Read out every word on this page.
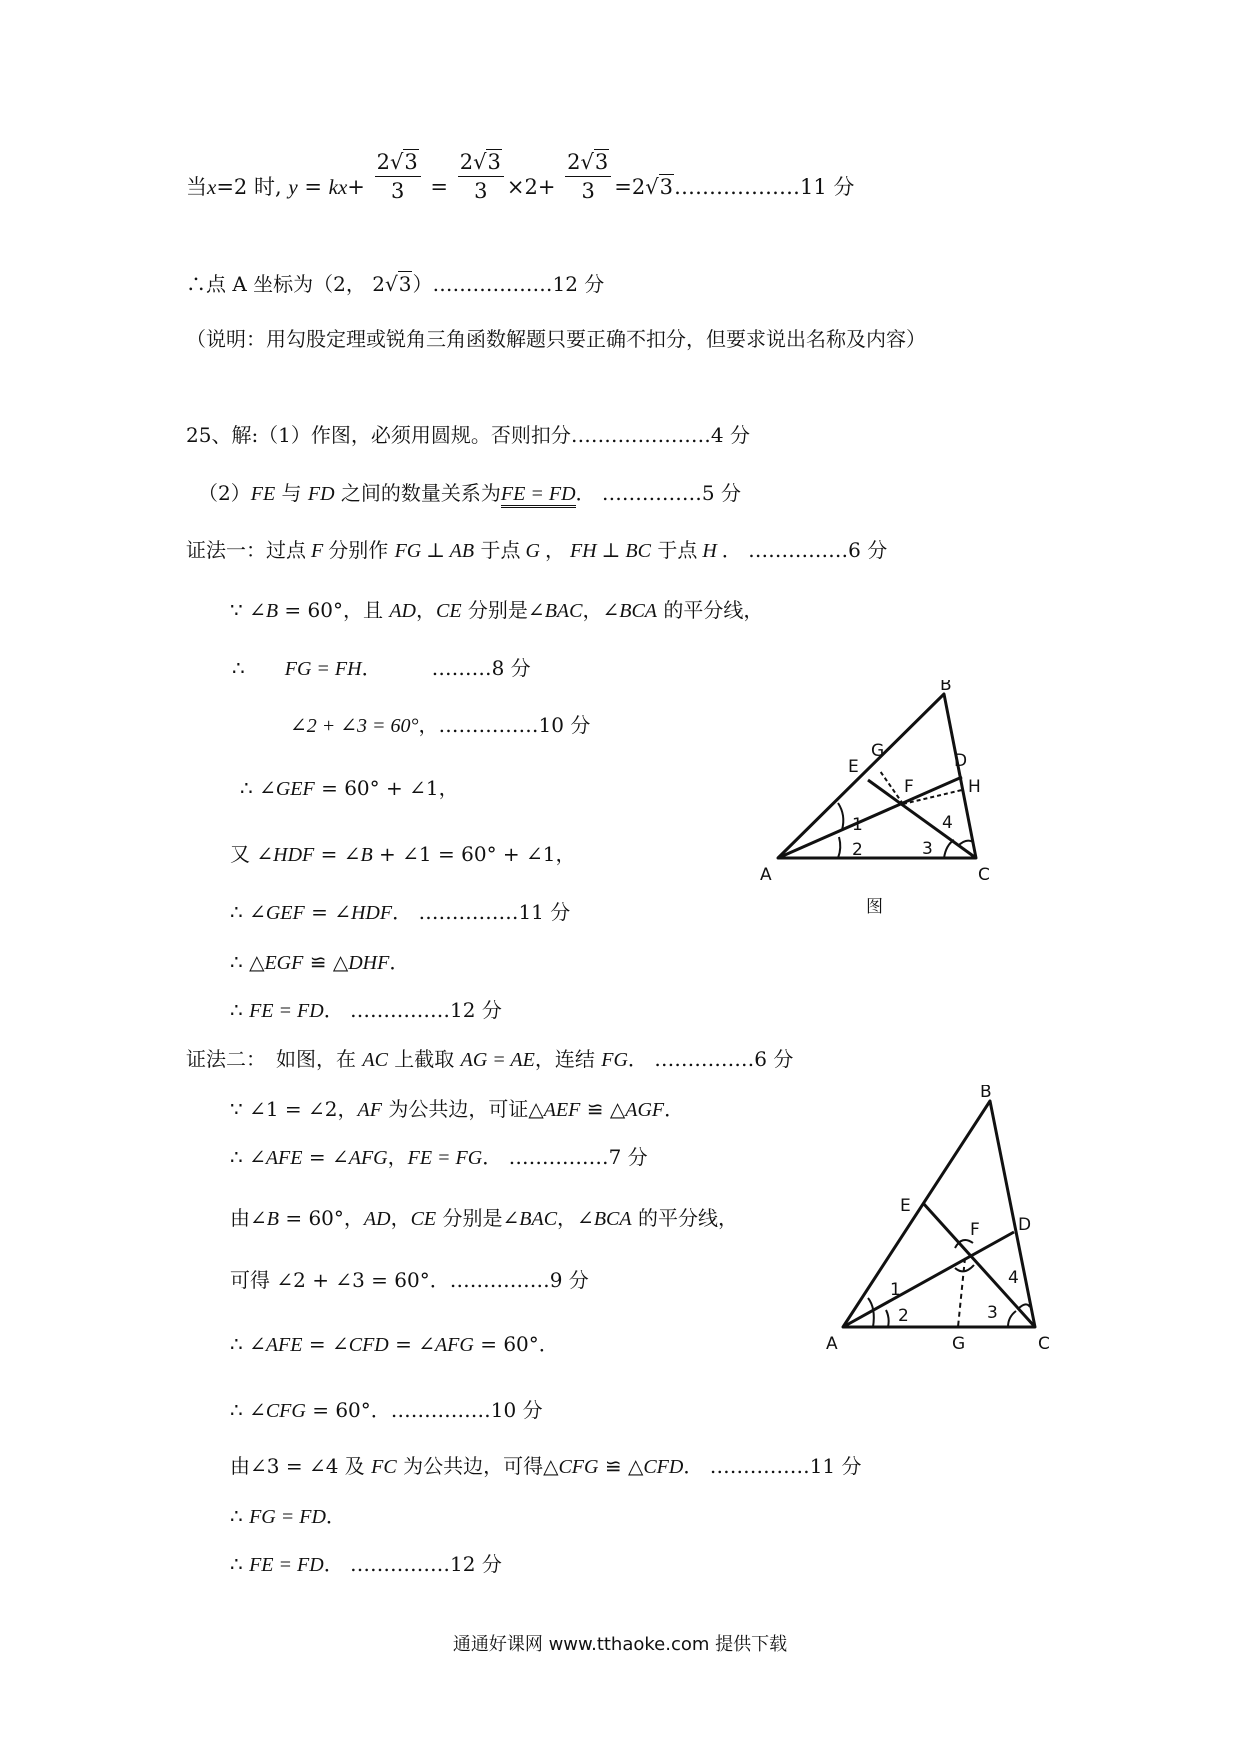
当x=2 时, $y = kx+ \frac{2√3}{3} = \frac{2√3}{3} \times 2+ \frac{2√3}{3}$ =2√3………………11 分
∴点 A 坐标为（2， 2√3）………………12 分
（说明：用勾股定理或锐角三角函数解题只要正确不扣分，但要求说出名称及内容）
25、解:（1）作图，必须用圆规。否则扣分…………………4 分
（2）FE 与 FD 之间的数量关系为FE = FD． ……………5 分
证法一：过点 F 分别作 FG ⊥ AB 于点 G ， FH ⊥ BC 于点 H ． ……………6 分
∵ ∠B = 60°，且 AD，CE 分别是∠BAC，∠BCA 的平分线，
∴ FG = FH．	………8 分
∠2 + ∠3 = 60°，……………10 分
∴ ∠GEF = 60° + ∠1，
又 ∠HDF = ∠B + ∠1 = 60° + ∠1，
∴ ∠GEF = ∠HDF． ……………11 分
∴ △EGF ≌ △DHF．
∴ FE = FD． ……………12 分
证法二：　如图，在 AC 上截取 AG = AE，连结 FG． ……………6 分
∵ ∠1 = ∠2，AF 为公共边，可证△AEF ≌ △AGF．
∴ ∠AFE = ∠AFG，FE = FG． ……………7 分
由∠B = 60°，AD，CE 分别是∠BAC，∠BCA 的平分线，
可得 ∠2 + ∠3 = 60°．……………9 分
∴ ∠AFE = ∠CFD = ∠AFG = 60°．
∴ ∠CFG = 60°．……………10 分
由∠3 = ∠4 及 FC 为公共边，可得△CFG ≌ △CFD． ……………11 分
∴ FG = FD．
∴ FE = FD． ……………12 分
A
B
C
D
E
F
G
H
1
2	3
4
图
A
B
C
D
E
F
G
1
2	3
4
通通好课网 www.tthaoke.com 提供下载
